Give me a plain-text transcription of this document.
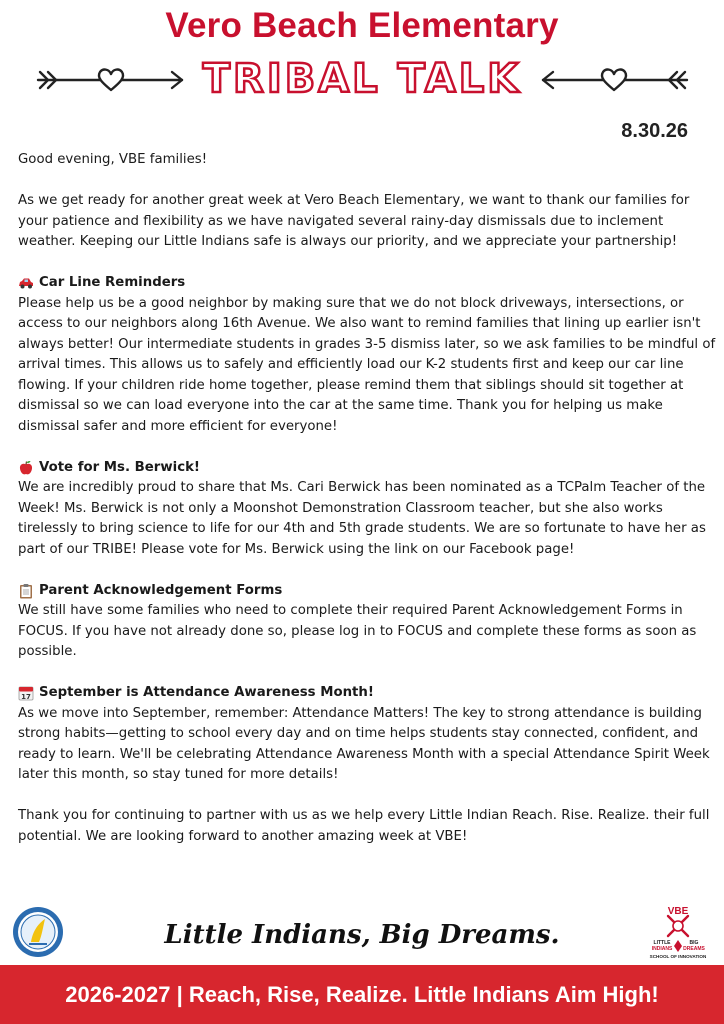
Vero Beach Elementary
TRIBAL TALK
8.30.26

Good evening, VBE families!

As we get ready for another great week at Vero Beach Elementary, we want to thank our families for your patience and flexibility as we have navigated several rainy-day dismissals due to inclement weather. Keeping our Little Indians safe is always our priority, and we appreciate your partnership!

Car Line Reminders

Please help us be a good neighbor by making sure that we do not block driveways, intersections, or access to our neighbors along 16th Avenue. We also want to remind families that lining up earlier isn't always better! Our intermediate students in grades 3-5 dismiss later, so we ask families to be mindful of arrival times. This allows us to safely and efficiently load our K-2 students first and keep our car line flowing. If your children ride home together, please remind them that siblings should sit together at dismissal so we can load everyone into the car at the same time. Thank you for helping us make dismissal safer and more efficient for everyone!

Vote for Ms. Berwick!

We are incredibly proud to share that Ms. Cari Berwick has been nominated as a TCPalm Teacher of the Week! Ms. Berwick is not only a Moonshot Demonstration Classroom teacher, but she also works tirelessly to bring science to life for our 4th and 5th grade students. We are so fortunate to have her as part of our TRIBE! Please vote for Ms. Berwick using the link on our Facebook page!

Parent Acknowledgement Forms

We still have some families who need to complete their required Parent Acknowledgement Forms in FOCUS. If you have not already done so, please log in to FOCUS and complete these forms as soon as possible.

17 September is Attendance Awareness Month!

As we move into September, remember: Attendance Matters! The key to strong attendance is building strong habits—getting to school every day and on time helps students stay connected, confident, and ready to learn. We'll be celebrating Attendance Awareness Month with a special Attendance Spirit Week later this month, so stay tuned for more details!

Thank you for continuing to partner with us as we help every Little Indian Reach. Rise. Realize. their full potential. We are looking forward to another amazing week at VBE!

Little Indians, Big Dreams.
VBE
LITTLE
INDIANS
BIG
DREAMS
SCHOOL OF INNOVATION
2026-2027 | Reach, Rise, Realize. Little Indians Aim High!
